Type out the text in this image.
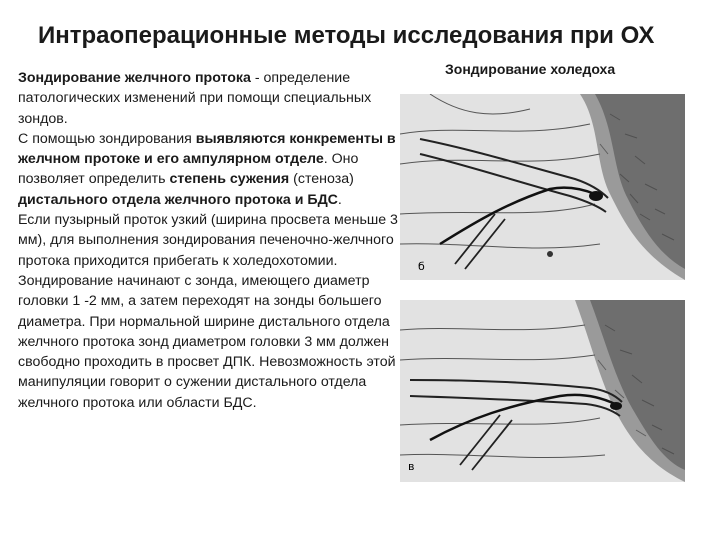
Интраоперационные методы исследования при ОХ
Зондирование желчного протока - определение патологических изменений при помощи специальных зондов.
С помощью зондирования выявляются конкременты в желчном протоке и его ампулярном отделе. Оно позволяет определить степень сужения (стеноза) дистального отдела желчного протока и БДС.
Если пузырный проток узкий (ширина просвета меньше 3 мм), для выполнения зондирования печеночно-желчного протока приходится прибегать к холедохотомии. Зондирование начинают с зонда, имеющего диаметр головки 1 -2 мм, а затем переходят на зонды большего диаметра. При нормальной ширине дистального отдела желчного протока зонд диаметром головки 3 мм должен свободно проходить в просвет ДПК. Невозможность этой манипуляции говорит о сужении дистального отдела желчного протока или области БДС.
Зондирование холедоха
б
в
